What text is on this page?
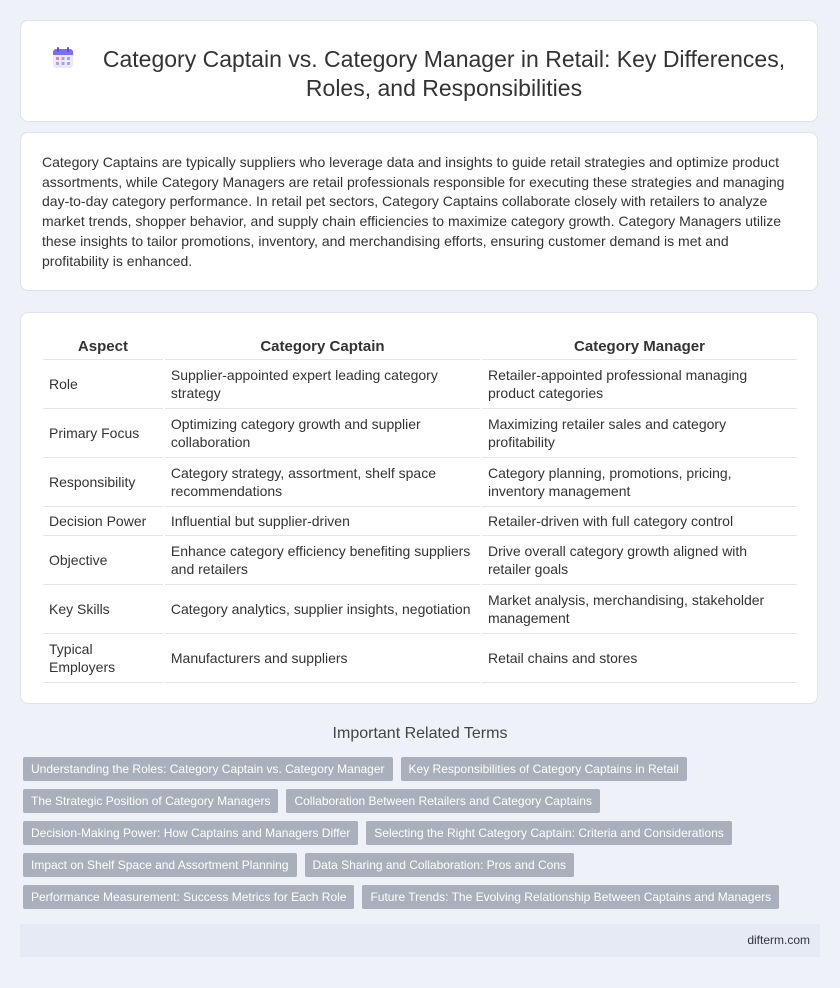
Category Captain vs. Category Manager in Retail: Key Differences, Roles, and Responsibilities

Category Captains are typically suppliers who leverage data and insights to guide retail strategies and optimize product assortments, while Category Managers are retail professionals responsible for executing these strategies and managing day-to-day category performance. In retail pet sectors, Category Captains collaborate closely with retailers to analyze market trends, shopper behavior, and supply chain efficiencies to maximize category growth. Category Managers utilize these insights to tailor promotions, inventory, and merchandising efforts, ensuring customer demand is met and profitability is enhanced.

Aspect	Category Captain	Category Manager
Role	Supplier-appointed expert leading category strategy	Retailer-appointed professional managing product categories
Primary Focus	Optimizing category growth and supplier collaboration	Maximizing retailer sales and category profitability
Responsibility	Category strategy, assortment, shelf space recommendations	Category planning, promotions, pricing, inventory management
Decision Power	Influential but supplier-driven	Retailer-driven with full category control
Objective	Enhance category efficiency benefiting suppliers and retailers	Drive overall category growth aligned with retailer goals
Key Skills	Category analytics, supplier insights, negotiation	Market analysis, merchandising, stakeholder management
Typical Employers	Manufacturers and suppliers	Retail chains and stores
Important Related Terms
Understanding the Roles: Category Captain vs. Category Manager	Key Responsibilities of Category Captains in Retail
The Strategic Position of Category Managers	Collaboration Between Retailers and Category Captains
Decision-Making Power: How Captains and Managers Differ	Selecting the Right Category Captain: Criteria and Considerations
Impact on Shelf Space and Assortment Planning	Data Sharing and Collaboration: Pros and Cons
Performance Measurement: Success Metrics for Each Role	Future Trends: The Evolving Relationship Between Captains and Managers
difterm.com
